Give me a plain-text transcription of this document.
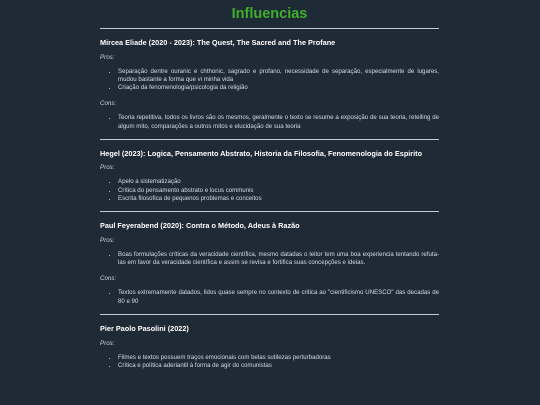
Influencias
Mircea Eliade (2020 - 2023): The Quest, The Sacred and The Profane
Pros:
• Separação dentre ouranic e chthonic, sagrado e profano, necessidade de separação, especialmente de lugares, mudou bastante a forma que vi minha vida
• Criação da fenomenologia/psicologia da religião
Cons:
• Teoria repetitiva, todos os livros são os mesmos, geralmente o texto se resume a exposição de sua teoria, retelling de algum mito, comparações a outros mitos e elucidação de sua teoria
Hegel (2023): Logica, Pensamento Abstrato, Historia da Filosofia, Fenomenologia do Espirito
Pros:
• Apelo a sistematização
• Crítica do pensamento abstrato e locus communis
• Escrita filosofica de pequenos problemas e conceitos
Paul Feyerabend (2020): Contra o Método, Adeus à Razão
Pros:
• Boas formulações críticas da veracidade científica, mesmo datadas o leitor tem uma boa experiencia tentando refuta-las em favor da veracidade científica e assim se revisa e fortifica suas concepções e ideias.
Cons:
• Textos extremamente datados, lidos quase sempre no contexto de critica ao "cientificismo UNESCO" das decadas de 80 e 90
Pier Paolo Pasolini (2022)
Pros:
• Filmes e textos possuem traços emocionais com belas sutilezas perturbadoras
• Crítica e política aderiantil à forma de agir do comunistas
